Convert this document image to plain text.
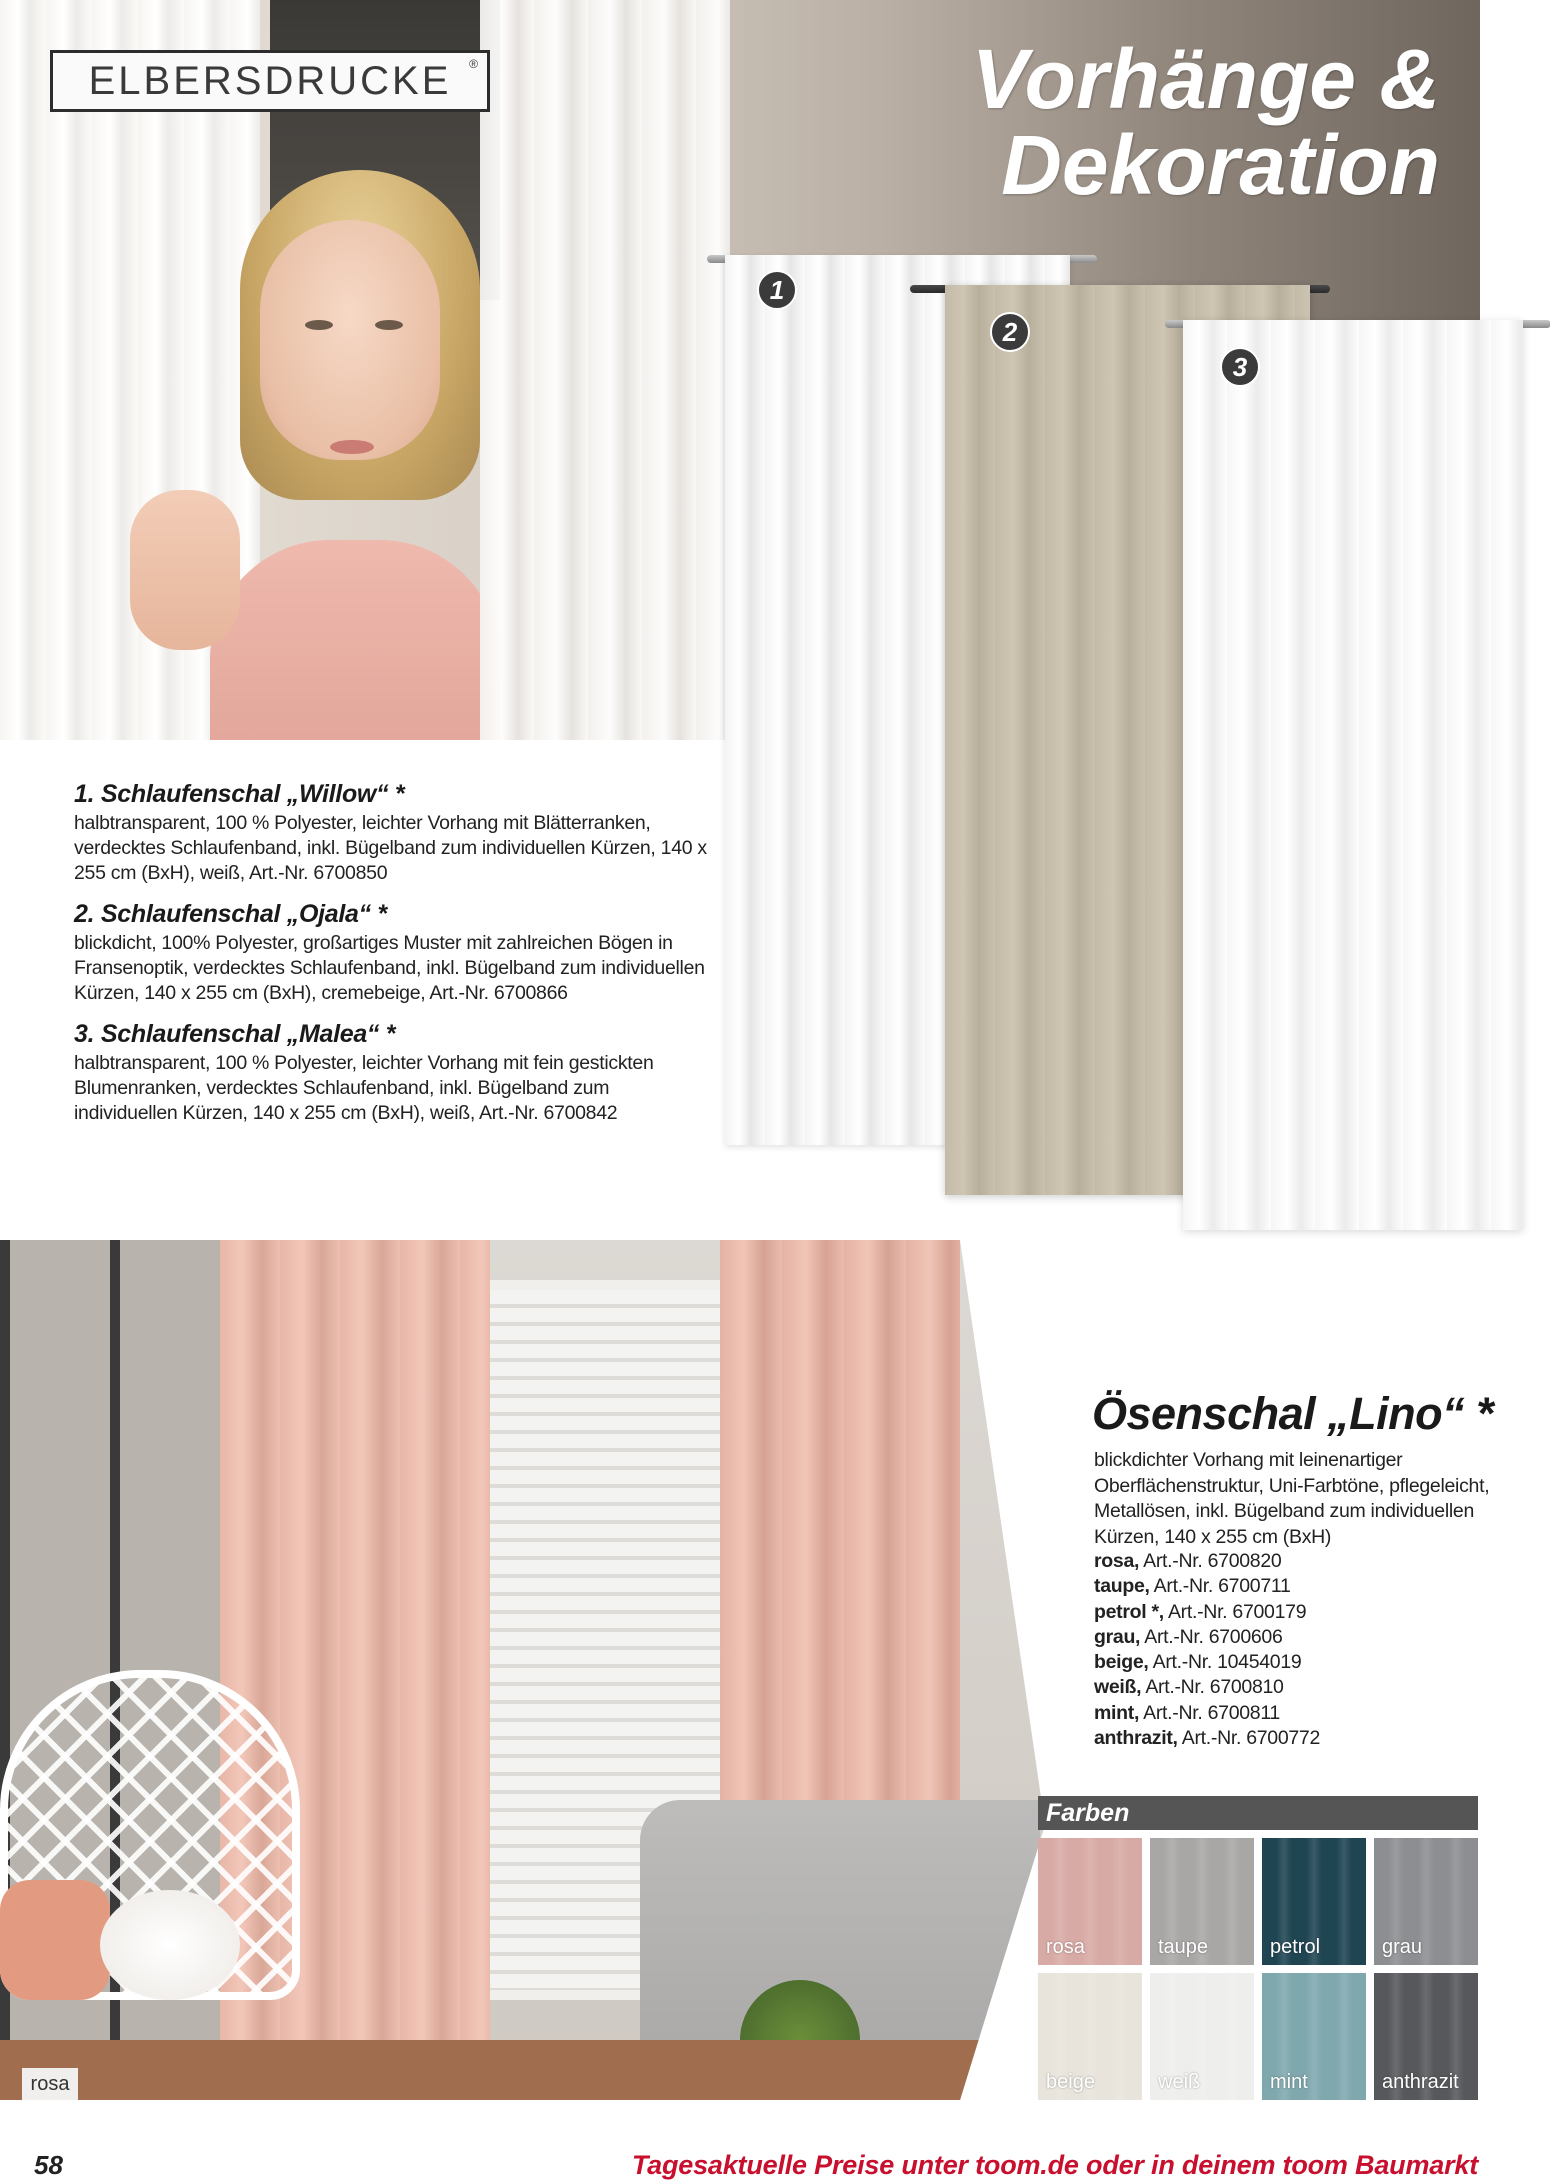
ELBERSDRUCKE ®	Vorhänge &
Dekoration
1
2
3
1. Schlaufenschal „Willow“ *

halbtransparent, 100 % Polyester, leichter Vorhang mit Blätterranken, verdecktes Schlaufenband, inkl. Bügelband zum individuellen Kürzen, 140 x 255 cm (BxH), weiß, Art.-Nr. 6700850

2. Schlaufenschal „Ojala“ *

blickdicht, 100% Polyester, großartiges Muster mit zahlreichen Bögen in Fransenoptik, verdecktes Schlaufenband, inkl. Bügelband zum individuellen Kürzen, 140 x 255 cm (BxH), cremebeige, Art.-Nr. 6700866

3. Schlaufenschal „Malea“ *

halbtransparent, 100 % Polyester, leichter Vorhang mit fein gestickten Blumenranken, verdecktes Schlaufenband, inkl. Bügelband zum individuellen Kürzen, 140 x 255 cm (BxH), weiß, Art.-Nr. 6700842

rosa
Ösenschal „Lino“ *
blickdichter Vorhang mit leinenartiger Oberflächenstruktur, Uni-Farbtöne, pflegeleicht, Metallösen, inkl. Bügelband zum individuellen Kürzen, 140 x 255 cm (BxH)
rosa, Art.-Nr. 6700820
taupe, Art.-Nr. 6700711
petrol *, Art.-Nr. 6700179
grau, Art.-Nr. 6700606
beige, Art.-Nr. 10454019
weiß, Art.-Nr. 6700810
mint, Art.-Nr. 6700811
anthrazit, Art.-Nr. 6700772
Farben
rosa	taupe	petrol	grau
beige	weiß	mint	anthrazit
58	Tagesaktuelle Preise unter toom.de oder in deinem toom Baumarkt
